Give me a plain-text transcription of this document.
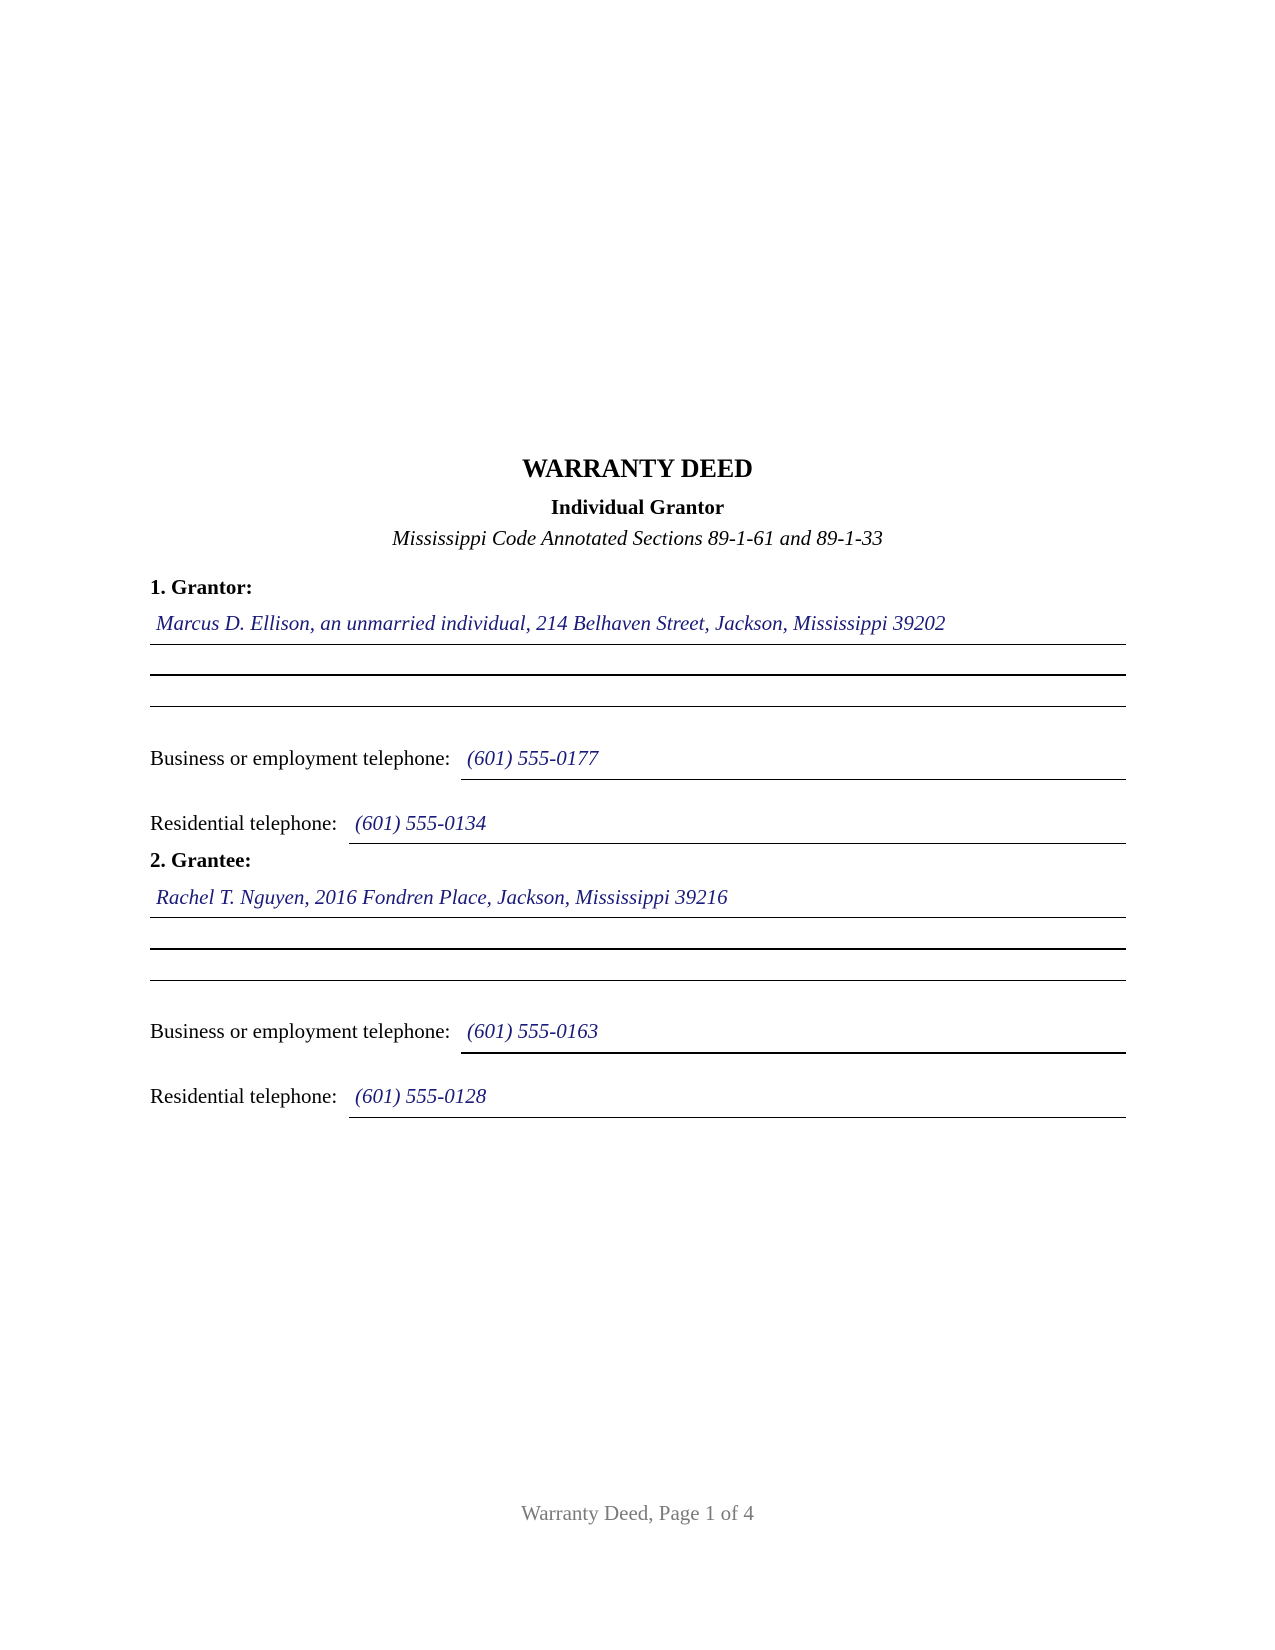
WARRANTY DEED
Individual Grantor
Mississippi Code Annotated Sections 89-1-61 and 89-1-33
1. Grantor:
Marcus D. Ellison, an unmarried individual, 214 Belhaven Street, Jackson, Mississippi 39202
Business or employment telephone: (601) 555-0177
Residential telephone: (601) 555-0134
2. Grantee:
Rachel T. Nguyen, 2016 Fondren Place, Jackson, Mississippi 39216
Business or employment telephone: (601) 555-0163
Residential telephone: (601) 555-0128
Warranty Deed, Page 1 of 4
